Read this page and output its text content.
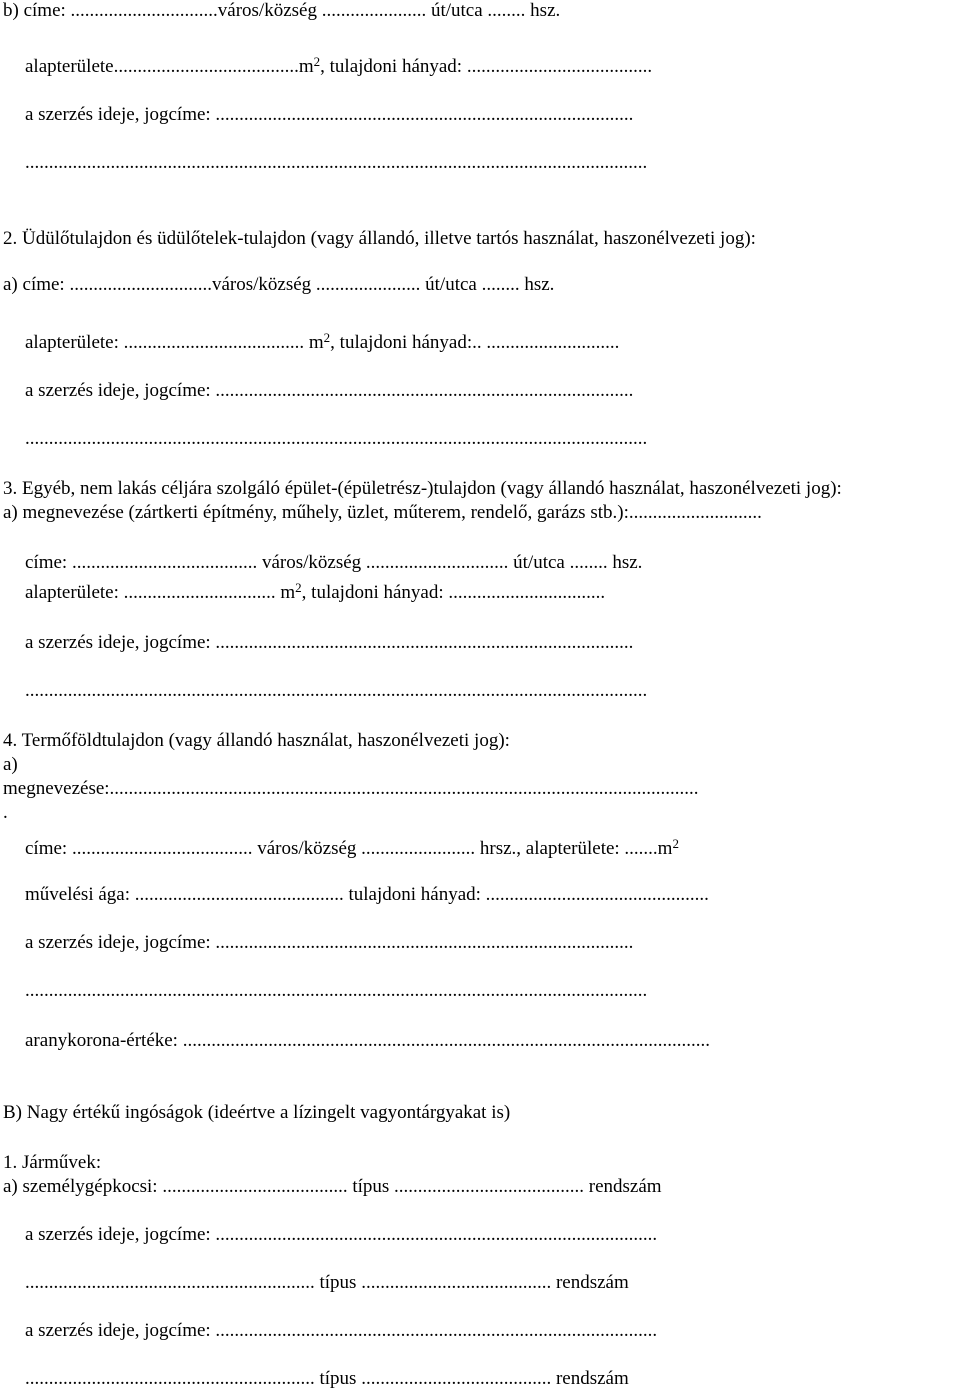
b) címe: ...............................város/község ...................... út/utca ........ hsz.
$alapterülete.......................................m^2$, tulajdoni hányad: .......................................
a szerzés ideje, jogcíme: ........................................................................................
...................................................................................................................................
2. Üdülőtulajdon és üdülőtelek-tulajdon (vagy állandó, illetve tartós használat, haszonélvezeti jog):
a) címe: ..............................város/község ...................... út/utca ........ hsz.
alapterülete: ...................................... $m^2$, tulajdoni hányad:.. ............................
a szerzés ideje, jogcíme: ........................................................................................
...................................................................................................................................
3. Egyéb, nem lakás céljára szolgáló épület-(épületrész-)tulajdon (vagy állandó használat, haszonélvezeti jog):
a) megnevezése (zártkerti építmény, műhely, üzlet, műterem, rendelő, garázs stb.):............................
címe: ....................................... város/község .............................. út/utca ........ hsz.
alapterülete: ................................ $m^2$, tulajdoni hányad: .................................
a szerzés ideje, jogcíme: ........................................................................................
...................................................................................................................................
4. Termőföldtulajdon (vagy állandó használat, haszonélvezeti jog):
a)
megnevezése:............................................................................................................................
.
címe: ...................................... város/község ........................ hrsz., alapterülete: $.......m^2$
művelési ága: ............................................ tulajdoni hányad: ...............................................
a szerzés ideje, jogcíme: ........................................................................................
...................................................................................................................................
aranykorona-értéke: ...............................................................................................................
B) Nagy értékű ingóságok (ideértve a lízingelt vagyontárgyakat is)
1. Járművek:
a) személygépkocsi: ....................................... típus ........................................ rendszám
a szerzés ideje, jogcíme: .............................................................................................
............................................................. típus ........................................ rendszám
a szerzés ideje, jogcíme: .............................................................................................
............................................................. típus ........................................ rendszám
